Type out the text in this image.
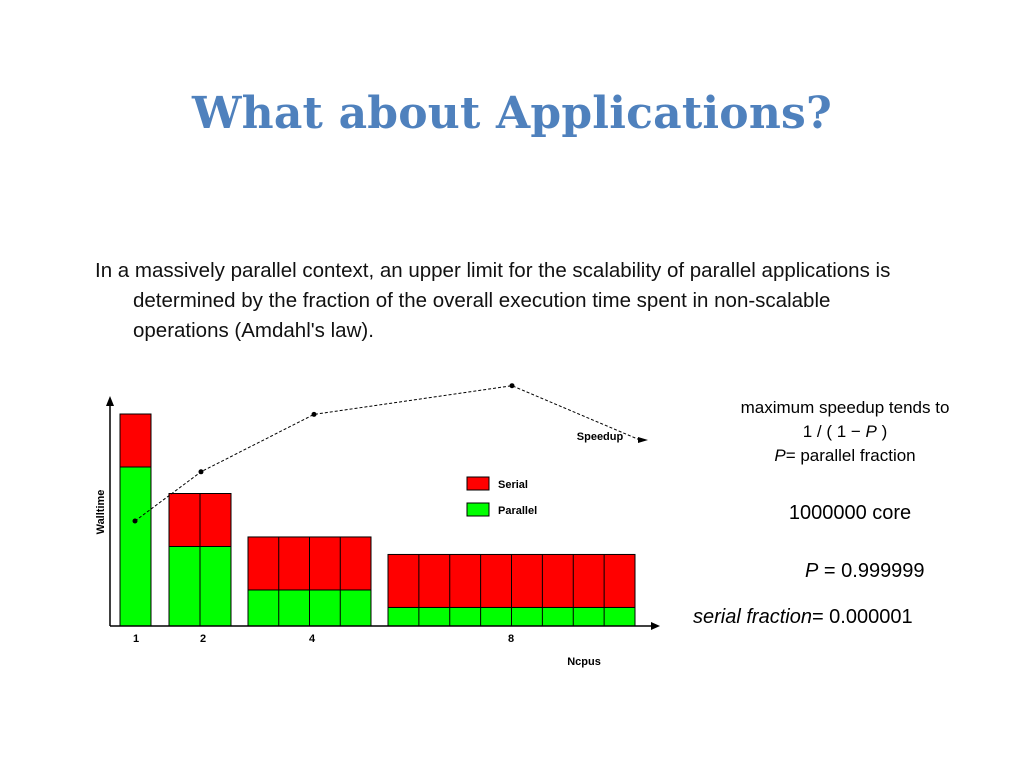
What about Applications?
In a massively parallel context, an upper limit for the scalability of parallel applications is determined by the fraction of the overall execution time spent in non-scalable operations (Amdahl's law).
1	2	4	8
Walltime
Ncpus
Speedup
Serial
Parallel
maximum speedup tends to
1 / ( 1 − P )
P= parallel fraction
1000000 core
P = 0.999999
serial fraction= 0.000001
